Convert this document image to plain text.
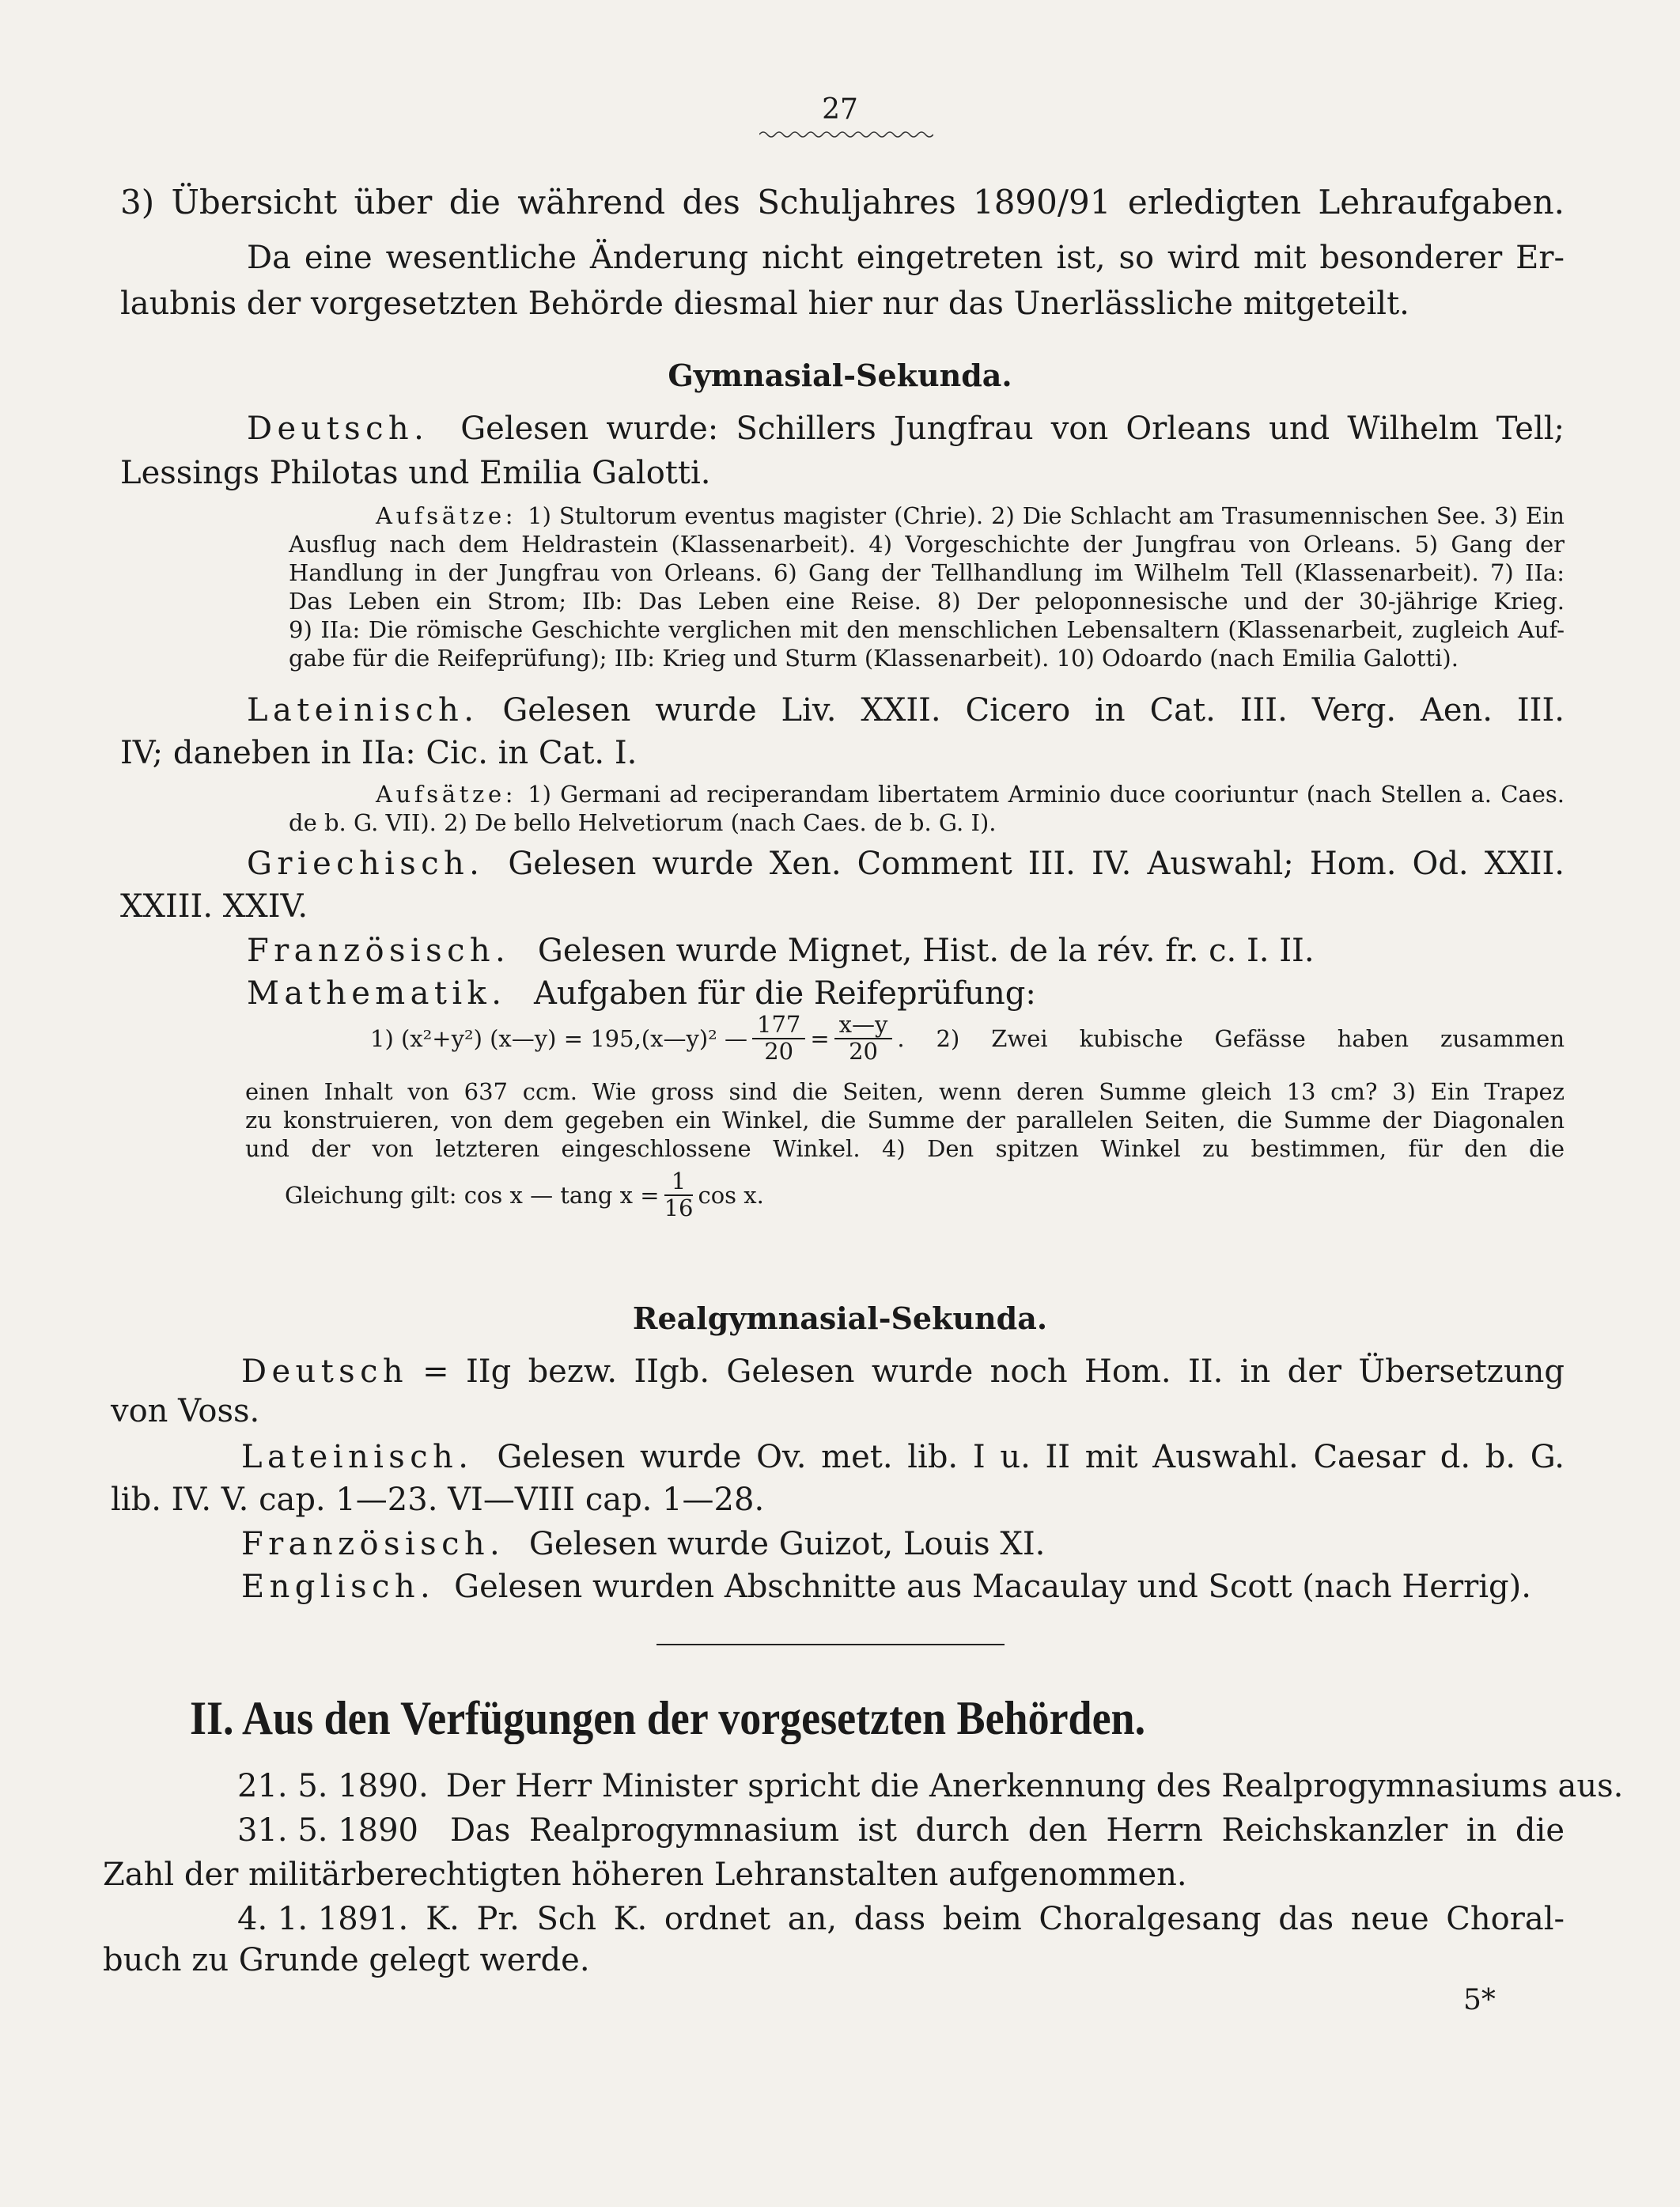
27
3) Übersicht über die während des Schuljahres 1890/91 erledigten Lehraufgaben.
Da eine wesentliche Änderung nicht eingetreten ist, so wird mit besonderer Er-
laubnis der vorgesetzten Behörde diesmal hier nur das Unerlässliche mitgeteilt.
Gymnasial-Sekunda.
Deutsch. Gelesen wurde: Schillers Jungfrau von Orleans und Wilhelm Tell;
Lessings Philotas und Emilia Galotti.
Aufsätze: 1) Stultorum eventus magister (Chrie). 2) Die Schlacht am Trasumennischen See. 3) Ein
Ausflug nach dem Heldrastein (Klassenarbeit). 4) Vorgeschichte der Jungfrau von Orleans. 5) Gang der
Handlung in der Jungfrau von Orleans. 6) Gang der Tellhandlung im Wilhelm Tell (Klassenarbeit). 7) IIa:
Das Leben ein Strom; IIb: Das Leben eine Reise. 8) Der peloponnesische und der 30-jährige Krieg.
9) IIa: Die römische Geschichte verglichen mit den menschlichen Lebensaltern (Klassenarbeit, zugleich Auf-
gabe für die Reifeprüfung); IIb: Krieg und Sturm (Klassenarbeit). 10) Odoardo (nach Emilia Galotti).
Lateinisch. Gelesen wurde Liv. XXII. Cicero in Cat. III. Verg. Aen. III.
IV; daneben in IIa: Cic. in Cat. I.
Aufsätze: 1) Germani ad reciperandam libertatem Arminio duce cooriuntur (nach Stellen a. Caes.
de b. G. VII). 2) De bello Helvetiorum (nach Caes. de b. G. I).
Griechisch. Gelesen wurde Xen. Comment III. IV. Auswahl; Hom. Od. XXII.
XXIII. XXIV.
Französisch. Gelesen wurde Mignet, Hist. de la rév. fr. c. I. II.
Mathematik. Aufgaben für die Reifeprüfung:
1) (x²+y²) (x—y) = 195,(x—y)² — $\frac{177}{20} = \frac{x—y}{20}$ . 2) Zwei kubische Gefässe haben zusammen
einen Inhalt von 637 ccm. Wie gross sind die Seiten, wenn deren Summe gleich 13 cm? 3) Ein Trapez
zu konstruieren, von dem gegeben ein Winkel, die Summe der parallelen Seiten, die Summe der Diagonalen
und der von letzteren eingeschlossene Winkel. 4) Den spitzen Winkel zu bestimmen, für den die
Gleichung gilt: cos x — tang $x = \frac{1}{16}$ cos x.
Realgymnasial-Sekunda.
Deutsch = IIg bezw. IIgb. Gelesen wurde noch Hom. II. in der Übersetzung
von Voss.
Lateinisch. Gelesen wurde Ov. met. lib. I u. II mit Auswahl. Caesar d. b. G.
lib. IV. V. cap. 1—23. VI—VIII cap. 1—28.
Französisch. Gelesen wurde Guizot, Louis XI.
Englisch. Gelesen wurden Abschnitte aus Macaulay und Scott (nach Herrig).
II. Aus den Verfügungen der vorgesetzten Behörden.
21. 5. 1890. Der Herr Minister spricht die Anerkennung des Realprogymnasiums aus.
31. 5. 1890 Das Realprogymnasium ist durch den Herrn Reichskanzler in die
Zahl der militärberechtigten höheren Lehranstalten aufgenommen.
4. 1. 1891. K. Pr. Sch K. ordnet an, dass beim Choralgesang das neue Choral-
buch zu Grunde gelegt werde.
5*
